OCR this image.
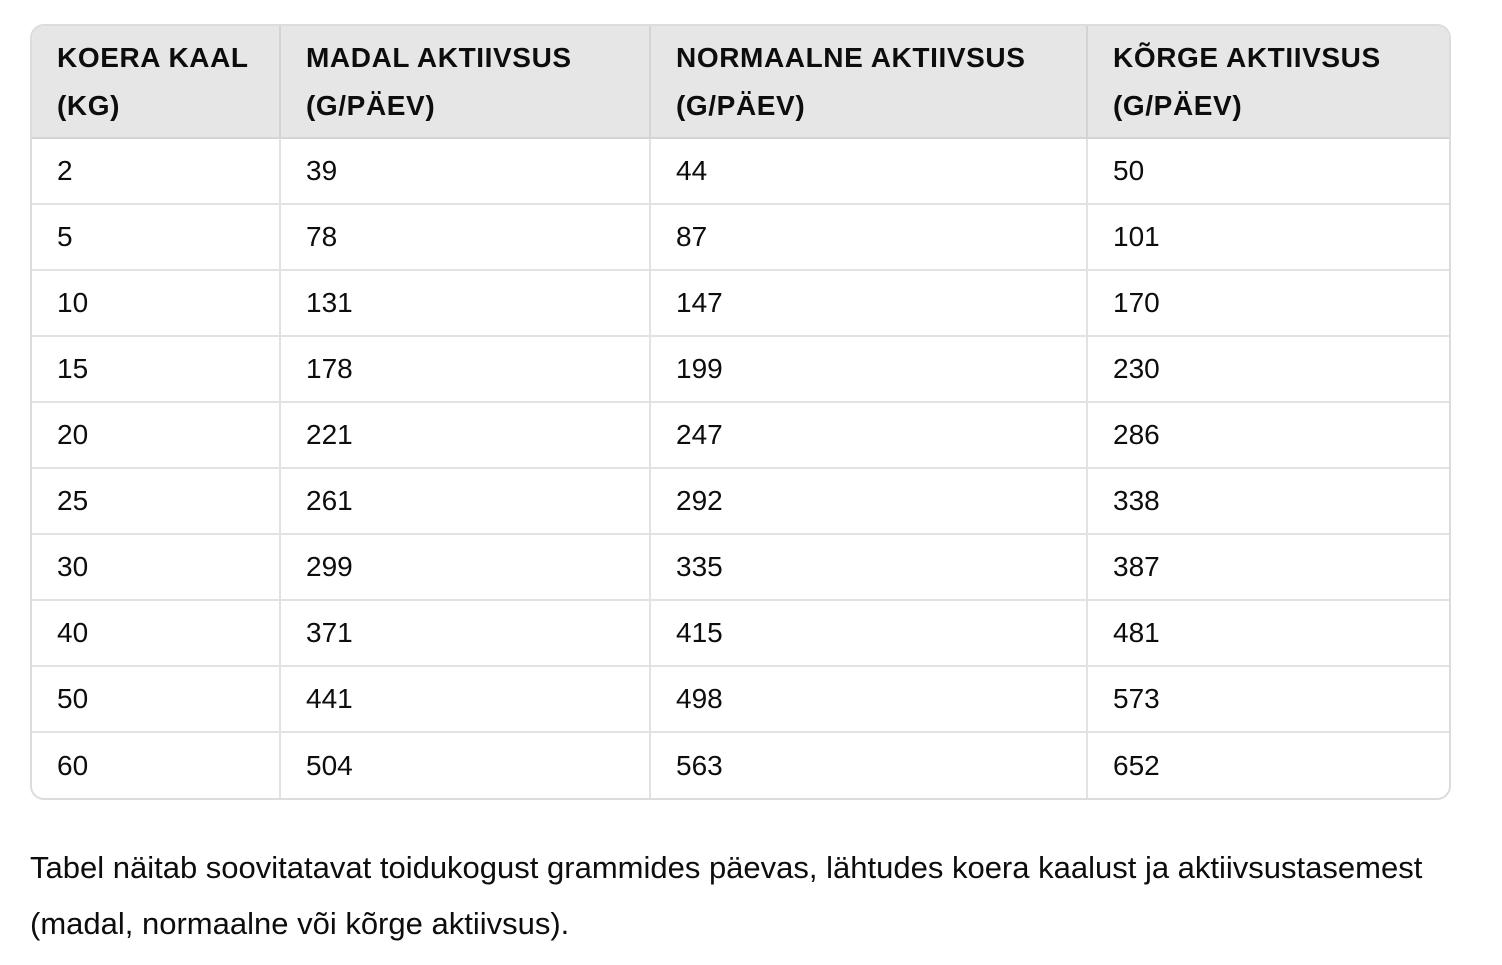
KOERA KAAL (KG)	MADAL AKTIIVSUS (G/PÄEV)	NORMAALNE AKTIIVSUS (G/PÄEV)	KÕRGE AKTIIVSUS (G/PÄEV)
2	39	44	50
5	78	87	101
10	131	147	170
15	178	199	230
20	221	247	286
25	261	292	338
30	299	335	387
40	371	415	481
50	441	498	573
60	504	563	652

Tabel näitab soovitatavat toidukogust grammides päevas, lähtudes koera kaalust ja aktiivsustasemest (madal, normaalne või kõrge aktiivsus).
